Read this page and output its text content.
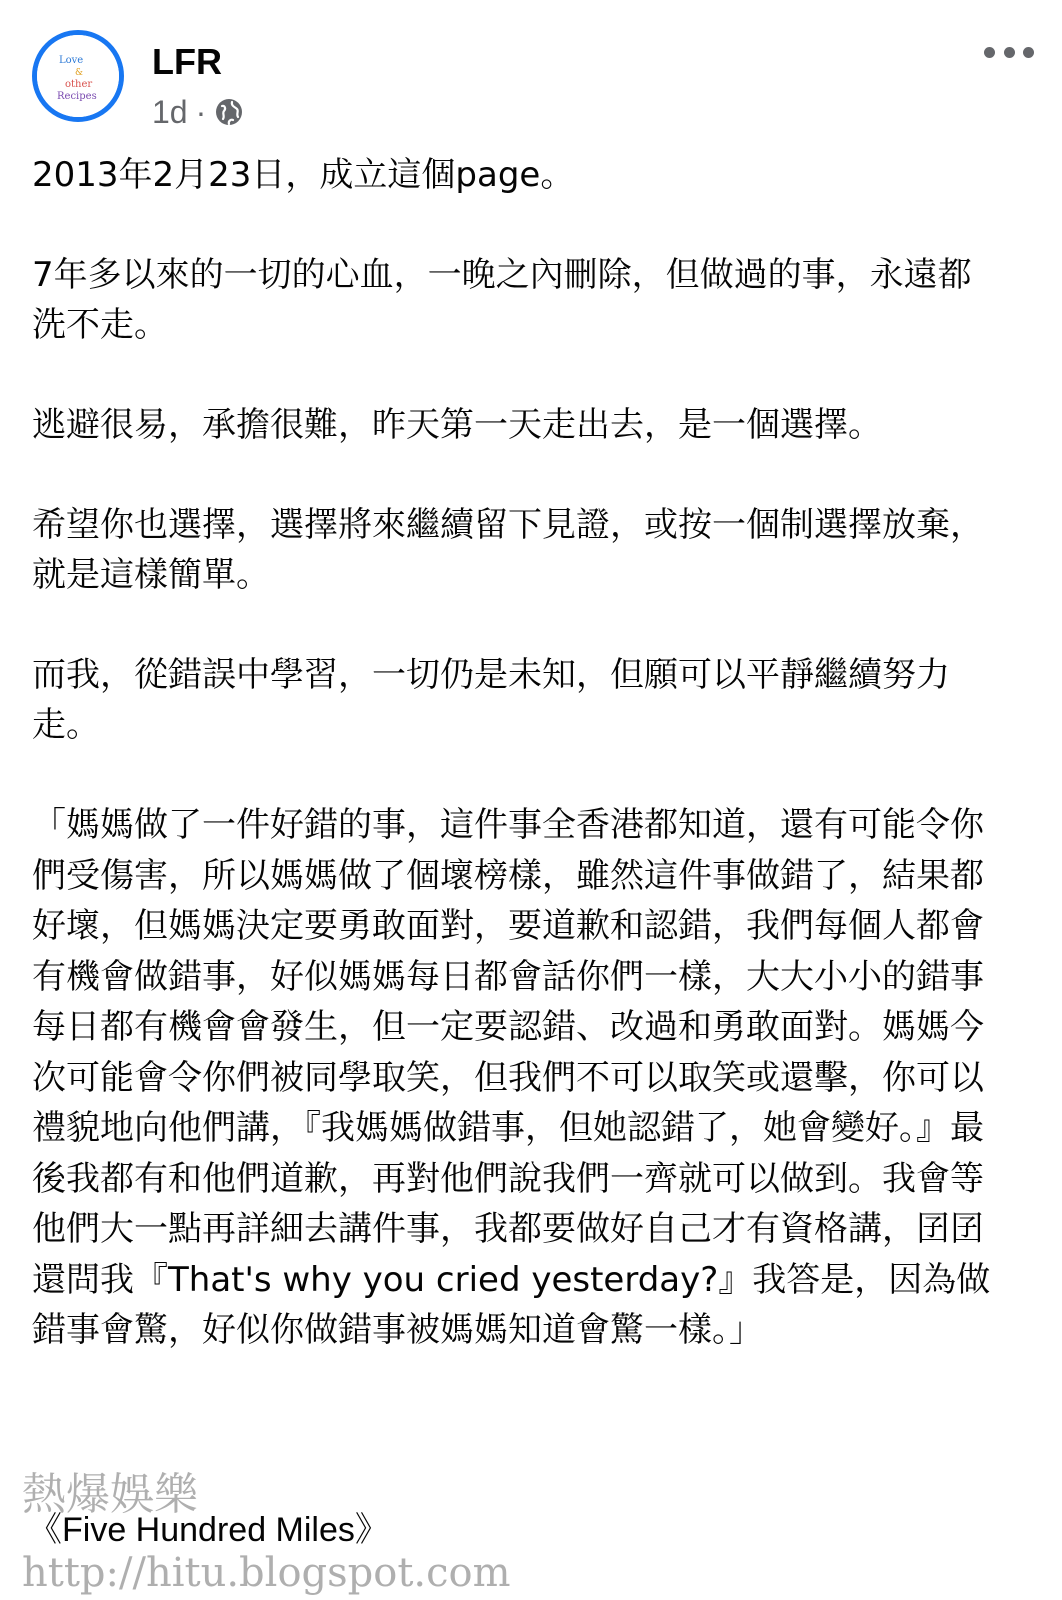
Love
&
other
Recipes
LFR
1d ·

2013年2月23日，成立這個page。

7年多以來的一切的心血，一晚之內刪除，但做過的事，永遠都洗不走。

逃避很易，承擔很難，昨天第一天走出去，是一個選擇。

希望你也選擇，選擇將來繼續留下見證，或按一個制選擇放棄，就是這樣簡單。

而我，從錯誤中學習，一切仍是未知，但願可以平靜繼續努力走。

「媽媽做了一件好錯的事，這件事全香港都知道，還有可能令你們受傷害，所以媽媽做了個壞榜樣，雖然這件事做錯了，結果都好壞，但媽媽決定要勇敢面對，要道歉和認錯，我們每個人都會有機會做錯事，好似媽媽每日都會話你們一樣，大大小小的錯事每日都有機會會發生，但一定要認錯、改過和勇敢面對。媽媽今次可能會令你們被同學取笑，但我們不可以取笑或還擊，你可以禮貌地向他們講，『我媽媽做錯事，但她認錯了，她會變好。』最後我都有和他們道歉，再對他們說我們一齊就可以做到。我會等他們大一點再詳細去講件事，我都要做好自己才有資格講，囝囝還問我『That's why you cried yesterday?』我答是，因為做錯事會驚，好似你做錯事被媽媽知道會驚一樣。」

《Five Hundred Miles》
熱爆娛樂
http://hitu.blogspot.com
